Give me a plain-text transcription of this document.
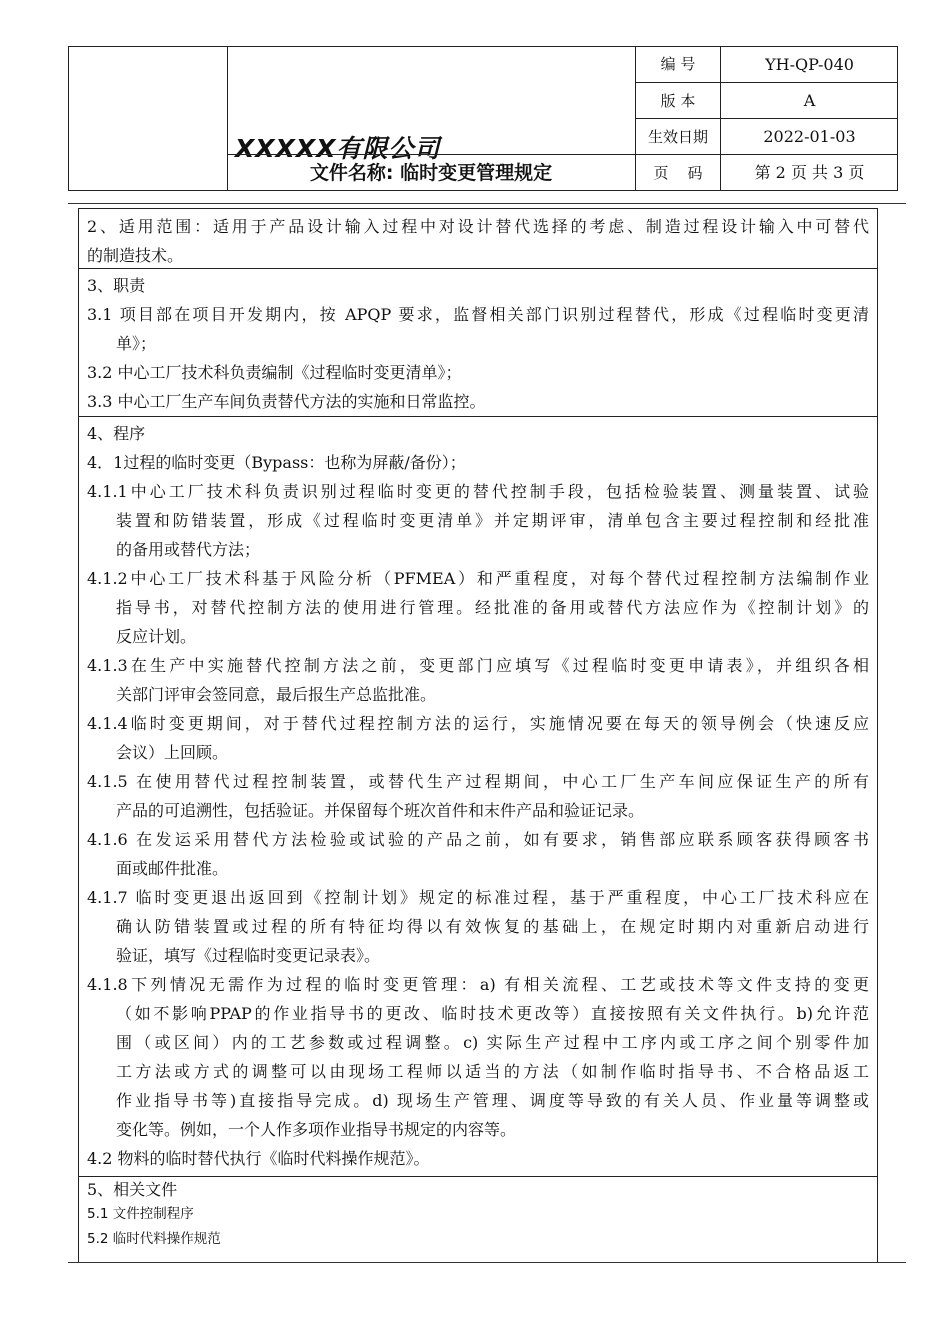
XXXXX有限公司
文件名称: 临时变更管理规定
编 号	YH-QP-040
版 本	A
生效日期	2022-01-03
页    码	第 2 页 共 3 页
2、适用范围：适用于产品设计输入过程中对设计替代选择的考虑、制造过程设计输入中可替代
的制造技术。
3、职责
3.1 项目部在项目开发期内，按 APQP 要求，监督相关部门识别过程替代，形成《过程临时变更清
单》；
3.2 中心工厂技术科负责编制《过程临时变更清单》；
3.3 中心工厂生产车间负责替代方法的实施和日常监控。
4、程序
4．1过程的临时变更（Bypass：也称为屏蔽/备份）；
4.1.1中心工厂技术科负责识别过程临时变更的替代控制手段，包括检验装置、测量装置、试验
装置和防错装置，形成《过程临时变更清单》并定期评审，清单包含主要过程控制和经批准
的备用或替代方法；
4.1.2中心工厂技术科基于风险分析（PFMEA）和严重程度，对每个替代过程控制方法编制作业
指导书，对替代控制方法的使用进行管理。经批准的备用或替代方法应作为《控制计划》的
反应计划。
4.1.3在生产中实施替代控制方法之前，变更部门应填写《过程临时变更申请表》，并组织各相
关部门评审会签同意，最后报生产总监批准。
4.1.4临时变更期间，对于替代过程控制方法的运行，实施情况要在每天的领导例会（快速反应
会议）上回顾。
4.1.5 在使用替代过程控制装置，或替代生产过程期间，中心工厂生产车间应保证生产的所有
产品的可追溯性，包括验证。并保留每个班次首件和末件产品和验证记录。
4.1.6 在发运采用替代方法检验或试验的产品之前，如有要求，销售部应联系顾客获得顾客书
面或邮件批准。
4.1.7 临时变更退出返回到《控制计划》规定的标准过程，基于严重程度，中心工厂技术科应在
确认防错装置或过程的所有特征均得以有效恢复的基础上，在规定时期内对重新启动进行
验证，填写《过程临时变更记录表》。
4.1.8下列情况无需作为过程的临时变更管理：a) 有相关流程、工艺或技术等文件支持的变更
（如不影响PPAP的作业指导书的更改、临时技术更改等）直接按照有关文件执行。b)允许范
围（或区间）内的工艺参数或过程调整。c) 实际生产过程中工序内或工序之间个别零件加
工方法或方式的调整可以由现场工程师以适当的方法（如制作临时指导书、不合格品返工
作业指导书等)直接指导完成。d) 现场生产管理、调度等导致的有关人员、作业量等调整或
变化等。例如，一个人作多项作业指导书规定的内容等。
4.2 物料的临时替代执行《临时代料操作规范》。
5、相关文件
5.1 文件控制程序
5.2 临时代料操作规范
